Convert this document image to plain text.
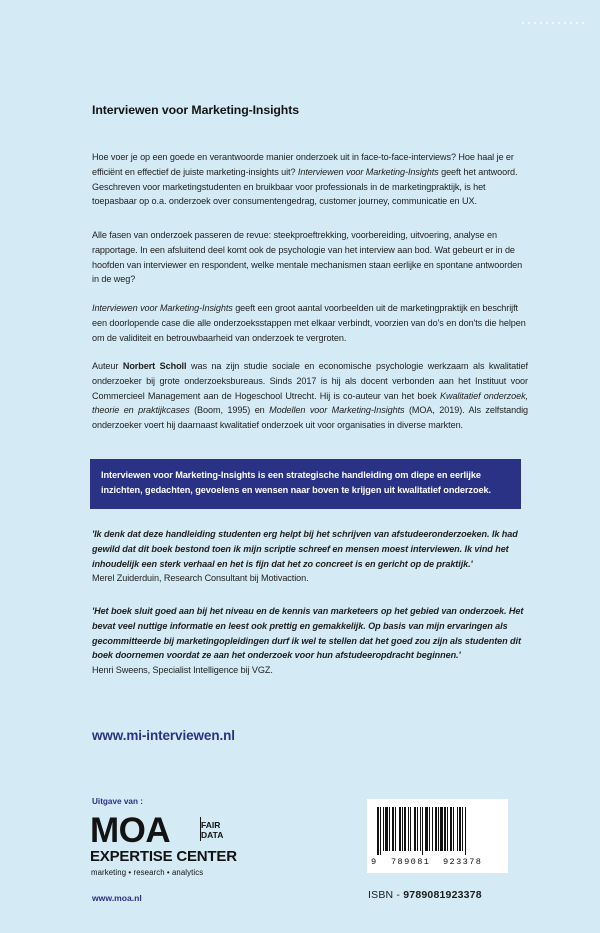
Interviewen voor Marketing-Insights

Hoe voer je op een goede en verantwoorde manier onderzoek uit in face-to-face-interviews? Hoe haal je er efficiënt en effectief de juiste marketing-insights uit? Interviewen voor Marketing-Insights geeft het antwoord. Geschreven voor marketingstudenten en bruikbaar voor professionals in de marketingpraktijk, is het toepasbaar op o.a. onderzoek over consumentengedrag, customer journey, communicatie en UX.

Alle fasen van onderzoek passeren de revue: steekproeftrekking, voorbereiding, uitvoering, analyse en rapportage. In een afsluitend deel komt ook de psychologie van het interview aan bod. Wat gebeurt er in de hoofden van interviewer en respondent, welke mentale mechanismen staan eerlijke en spontane antwoorden in de weg?

Interviewen voor Marketing-Insights geeft een groot aantal voorbeelden uit de marketingpraktijk en beschrijft een doorlopende case die alle onderzoeksstappen met elkaar verbindt, voorzien van do's en don'ts die helpen om de validiteit en betrouwbaarheid van onderzoek te vergroten.

Auteur Norbert Scholl was na zijn studie sociale en economische psychologie werkzaam als kwalitatief onderzoeker bij grote onderzoeksbureaus. Sinds 2017 is hij als docent verbonden aan het Instituut voor Commercieel Management aan de Hogeschool Utrecht. Hij is co-auteur van het boek Kwalitatief onderzoek, theorie en praktijkcases (Boom, 1995) en Modellen voor Marketing-Insights (MOA, 2019). Als zelfstandig onderzoeker voert hij daarnaast kwalitatief onderzoek uit voor organisaties in diverse markten.

Interviewen voor Marketing-Insights is een strategische handleiding om diepe en eerlijke inzichten, gedachten, gevoelens en wensen naar boven te krijgen uit kwalitatief onderzoek.
'Ik denk dat deze handleiding studenten erg helpt bij het schrijven van afstudeeronderzoeken. Ik had gewild dat dit boek bestond toen ik mijn scriptie schreef en mensen moest interviewen. Ik vind het inhoudelijk een sterk verhaal en het is fijn dat het zo concreet is en gericht op de praktijk.'
Merel Zuiderduin, Research Consultant bij Motivaction.
'Het boek sluit goed aan bij het niveau en de kennis van marketeers op het gebied van onderzoek. Het bevat veel nuttige informatie en leest ook prettig en gemakkelijk. Op basis van mijn ervaringen als gecommitteerde bij marketingopleidingen durf ik wel te stellen dat het goed zou zijn als studenten dit boek doornemen voordat ze aan het onderzoek voor hun afstudeeropdracht beginnen.'
Henri Sweens, Specialist Intelligence bij VGZ.
www.mi-interviewen.nl
Uitgave van :
MOA	FAIR
DATA
EXPERTISE CENTER
marketing • research • analytics
www.moa.nl
9 789081 923378
ISBN - 9789081923378
